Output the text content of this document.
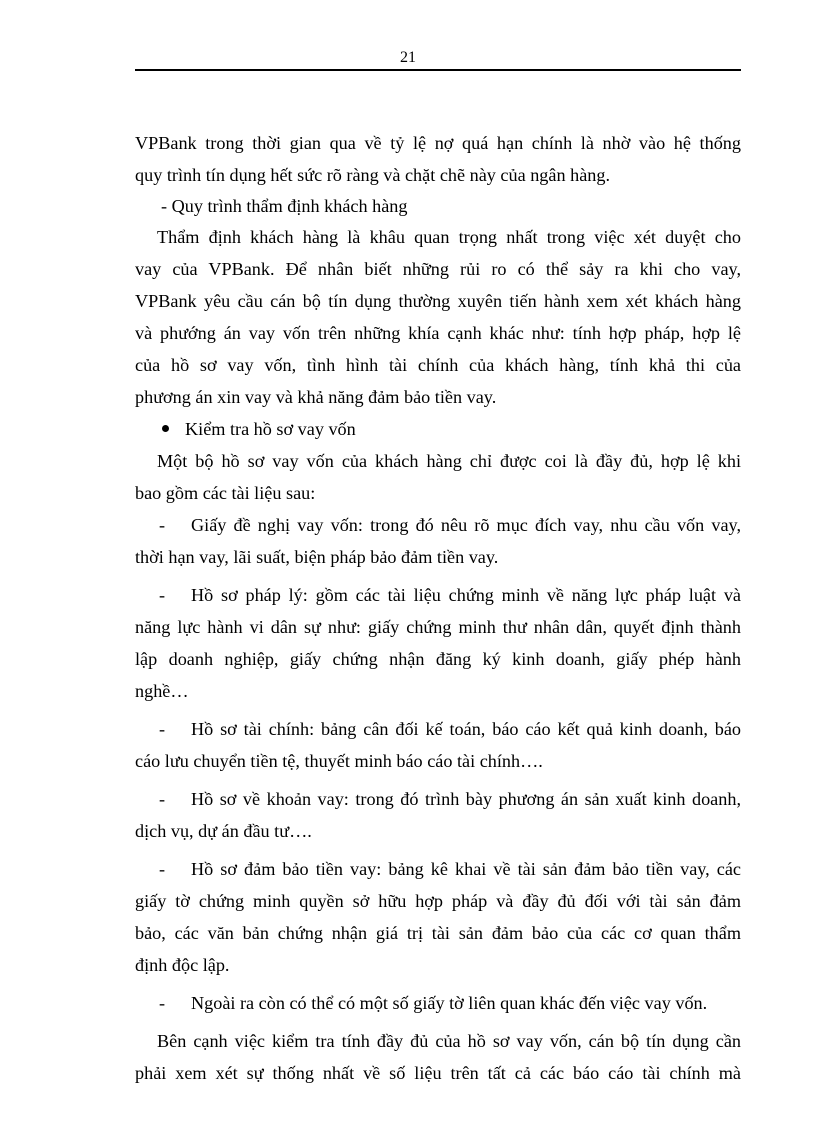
21
VPBank trong thời gian qua về tỷ lệ nợ quá hạn chính là nhờ vào hệ thống
quy trình tín dụng hết sức rõ ràng và chặt chẽ này của ngân hàng.
- Quy trình thẩm định khách hàng
Thẩm định khách hàng là khâu quan trọng nhất trong việc xét duyệt cho
vay của VPBank. Để nhân biết những rủi ro có thể sảy ra khi cho vay,
VPBank yêu cầu cán bộ tín dụng thường xuyên tiến hành xem xét khách hàng
và phướng án vay vốn trên những khía cạnh khác như: tính hợp pháp, hợp lệ
của hồ sơ vay vốn, tình hình tài chính của khách hàng, tính khả thi của
phương án xin vay và khả năng đảm bảo tiền vay.
Kiểm tra hồ sơ vay vốn
Một bộ hồ sơ vay vốn của khách hàng chỉ được coi là đầy đủ, hợp lệ khi
bao gồm các tài liệu sau:
- Giấy đề nghị vay vốn: trong đó nêu rõ mục đích vay, nhu cầu vốn vay,
thời hạn vay, lãi suất, biện pháp bảo đảm tiền vay.
- Hồ sơ pháp lý: gồm các tài liệu chứng minh về năng lực pháp luật và
năng lực hành vi dân sự như: giấy chứng minh thư nhân dân, quyết định thành
lập doanh nghiệp, giấy chứng nhận đăng ký kinh doanh, giấy phép hành
nghề…
- Hồ sơ tài chính: bảng cân đối kế toán, báo cáo kết quả kinh doanh, báo
cáo lưu chuyển tiền tệ, thuyết minh báo cáo tài chính….
- Hồ sơ về khoản vay: trong đó trình bày phương án sản xuất kinh doanh,
dịch vụ, dự án đầu tư….
- Hồ sơ đảm bảo tiền vay: bảng kê khai về tài sản đảm bảo tiền vay, các
giấy tờ chứng minh quyền sở hữu hợp pháp và đầy đủ đối với tài sản đảm
bảo, các văn bản chứng nhận giá trị tài sản đảm bảo của các cơ quan thẩm
định độc lập.
- Ngoài ra còn có thể có một số giấy tờ liên quan khác đến việc vay vốn.
Bên cạnh việc kiểm tra tính đầy đủ của hồ sơ vay vốn, cán bộ tín dụng cần
phải xem xét sự thống nhất về số liệu trên tất cả các báo cáo tài chính mà
